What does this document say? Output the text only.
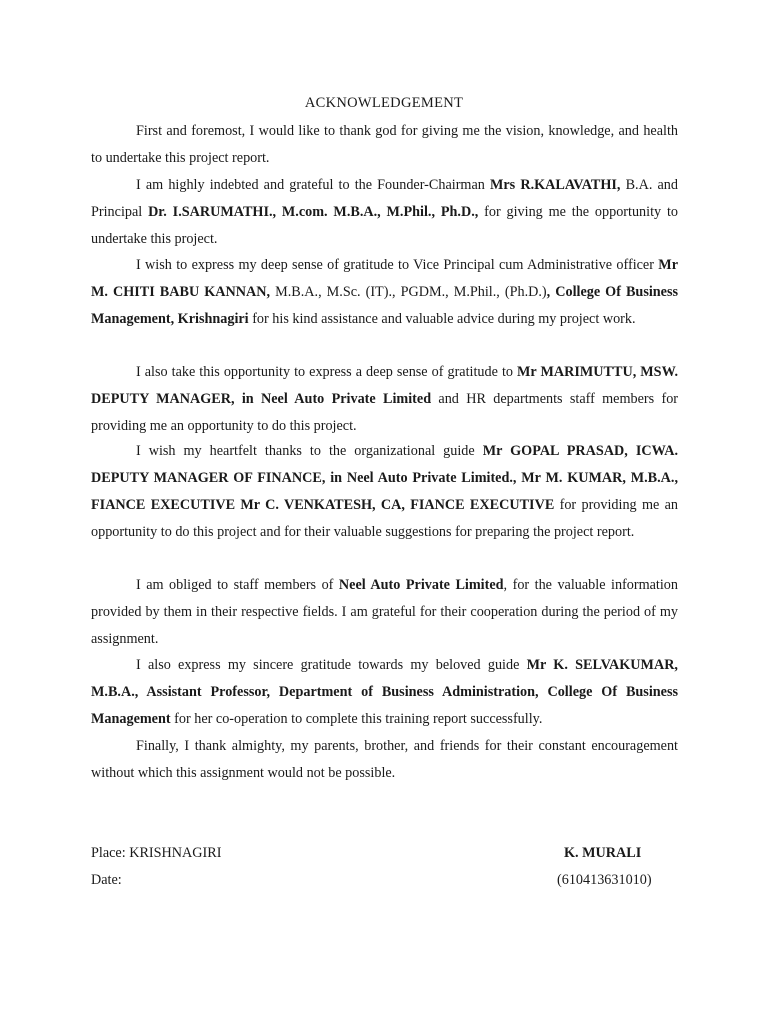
ACKNOWLEDGEMENT

First and foremost, I would like to thank god for giving me the vision, knowledge, and health to undertake this project report.

I am highly indebted and grateful to the Founder-Chairman Mrs R.KALAVATHI, B.A. and Principal Dr. I.SARUMATHI., M.com. M.B.A., M.Phil., Ph.D., for giving me the opportunity to undertake this project.

I wish to express my deep sense of gratitude to Vice Principal cum Administrative officer Mr M. CHITI BABU KANNAN, M.B.A., M.Sc. (IT)., PGDM., M.Phil., (Ph.D.), College Of Business Management, Krishnagiri for his kind assistance and valuable advice during my project work.

I also take this opportunity to express a deep sense of gratitude to Mr MARIMUTTU, MSW. DEPUTY MANAGER, in Neel Auto Private Limited and HR departments staff members for providing me an opportunity to do this project.

I wish my heartfelt thanks to the organizational guide Mr GOPAL PRASAD, ICWA. DEPUTY MANAGER OF FINANCE, in Neel Auto Private Limited., Mr M. KUMAR, M.B.A., FIANCE EXECUTIVE Mr C. VENKATESH, CA, FIANCE EXECUTIVE for providing me an opportunity to do this project and for their valuable suggestions for preparing the project report.

I am obliged to staff members of Neel Auto Private Limited, for the valuable information provided by them in their respective fields. I am grateful for their cooperation during the period of my assignment.

I also express my sincere gratitude towards my beloved guide Mr K. SELVAKUMAR, M.B.A., Assistant Professor, Department of Business Administration, College Of Business Management for her co-operation to complete this training report successfully.

Finally, I thank almighty, my parents, brother, and friends for their constant encouragement without which this assignment would not be possible.

Place: KRISHNAGIRI
Date:
K. MURALI
(610413631010)
